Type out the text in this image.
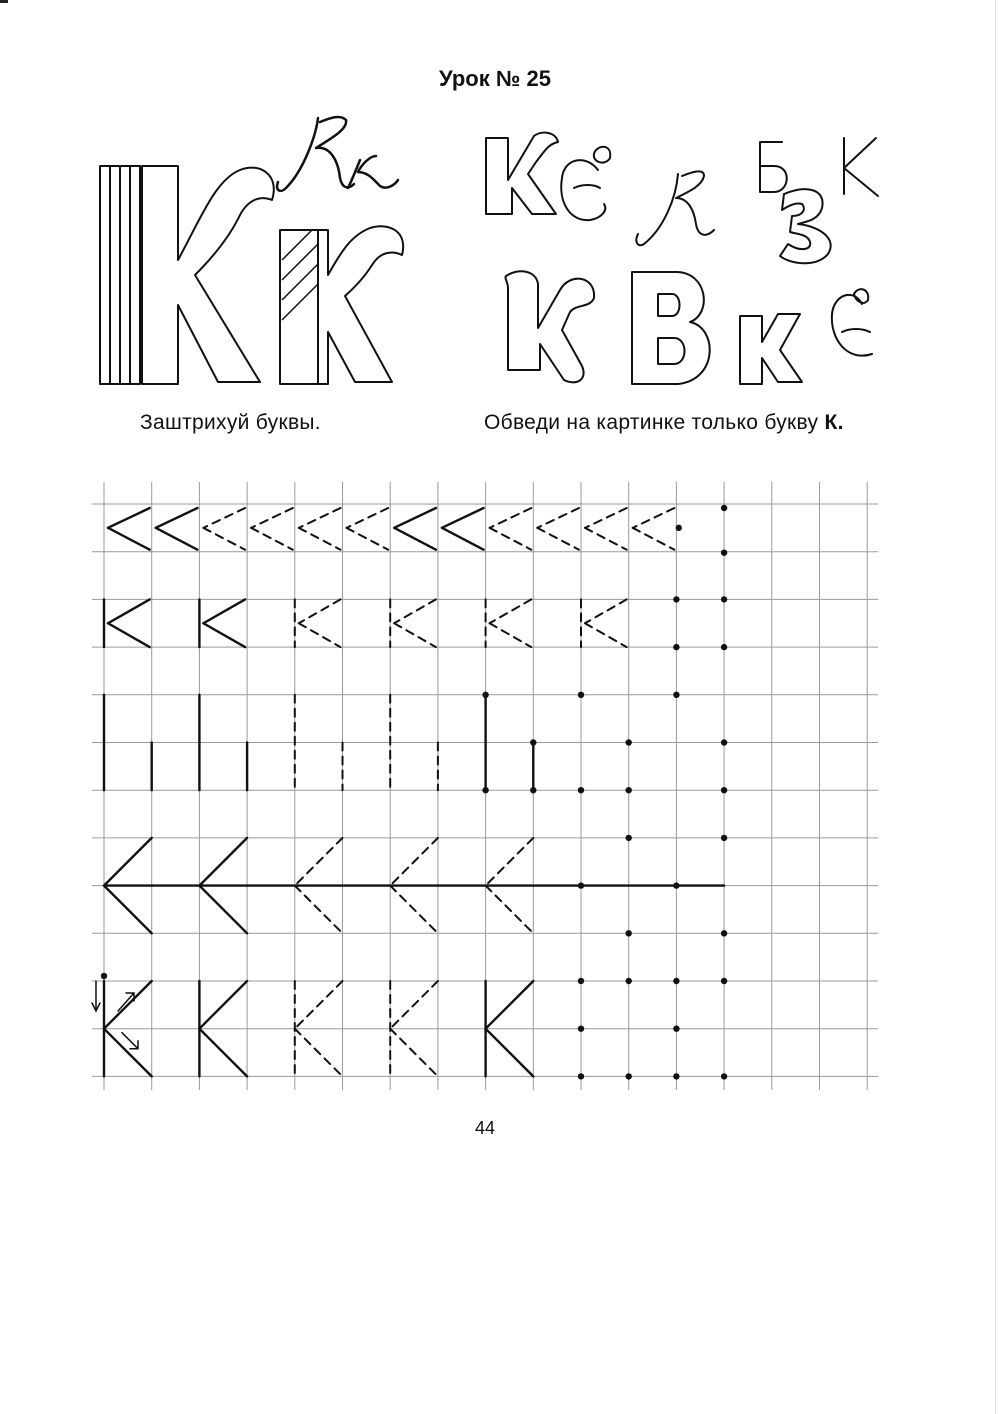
Урок № 25
Заштрихуй буквы.	Обведи на картинке только букву К.
44
